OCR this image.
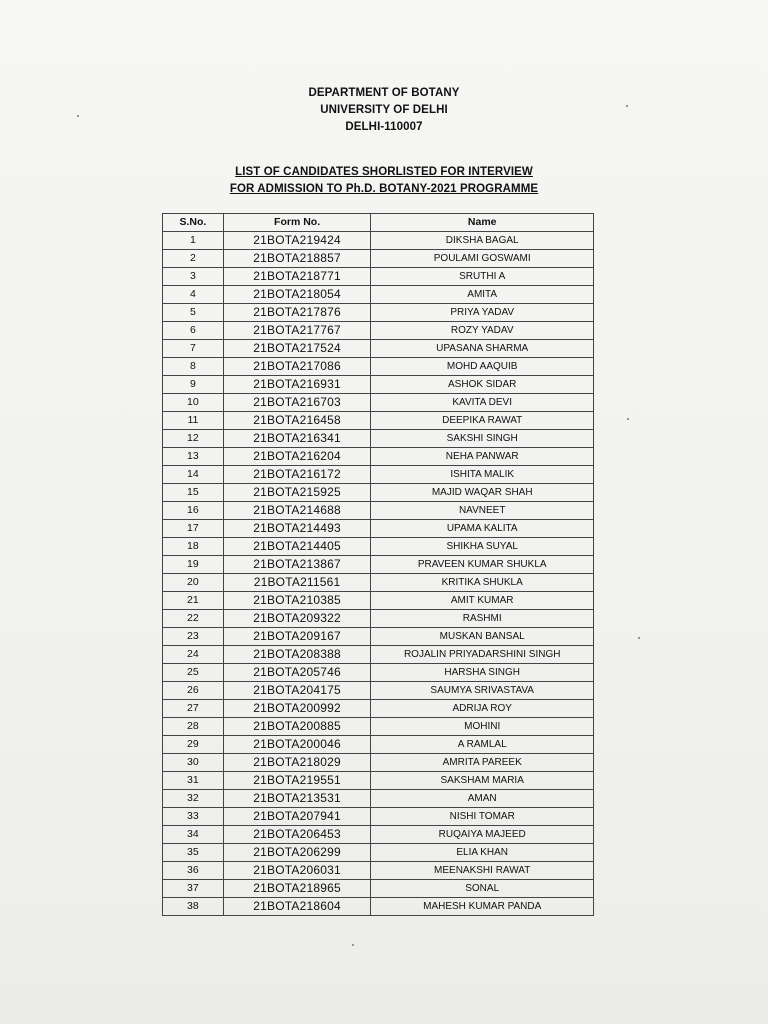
DEPARTMENT OF BOTANY
UNIVERSITY OF DELHI
DELHI-110007
LIST OF CANDIDATES SHORLISTED FOR INTERVIEW
FOR ADMISSION TO Ph.D. BOTANY-2021 PROGRAMME
S.No.	Form No.	Name
1	21BOTA219424	DIKSHA BAGAL
2	21BOTA218857	POULAMI GOSWAMI
3	21BOTA218771	SRUTHI A
4	21BOTA218054	AMITA
5	21BOTA217876	PRIYA YADAV
6	21BOTA217767	ROZY YADAV
7	21BOTA217524	UPASANA SHARMA
8	21BOTA217086	MOHD AAQUIB
9	21BOTA216931	ASHOK SIDAR
10	21BOTA216703	KAVITA DEVI
11	21BOTA216458	DEEPIKA RAWAT
12	21BOTA216341	SAKSHI SINGH
13	21BOTA216204	NEHA PANWAR
14	21BOTA216172	ISHITA MALIK
15	21BOTA215925	MAJID WAQAR SHAH
16	21BOTA214688	NAVNEET
17	21BOTA214493	UPAMA KALITA
18	21BOTA214405	SHIKHA SUYAL
19	21BOTA213867	PRAVEEN KUMAR SHUKLA
20	21BOTA211561	KRITIKA SHUKLA
21	21BOTA210385	AMIT KUMAR
22	21BOTA209322	RASHMI
23	21BOTA209167	MUSKAN BANSAL
24	21BOTA208388	ROJALIN PRIYADARSHINI SINGH
25	21BOTA205746	HARSHA SINGH
26	21BOTA204175	SAUMYA SRIVASTAVA
27	21BOTA200992	ADRIJA ROY
28	21BOTA200885	MOHINI
29	21BOTA200046	A RAMLAL
30	21BOTA218029	AMRITA PAREEK
31	21BOTA219551	SAKSHAM MARIA
32	21BOTA213531	AMAN
33	21BOTA207941	NISHI TOMAR
34	21BOTA206453	RUQAIYA MAJEED
35	21BOTA206299	ELIA KHAN
36	21BOTA206031	MEENAKSHI RAWAT
37	21BOTA218965	SONAL
38	21BOTA218604	MAHESH KUMAR PANDA
